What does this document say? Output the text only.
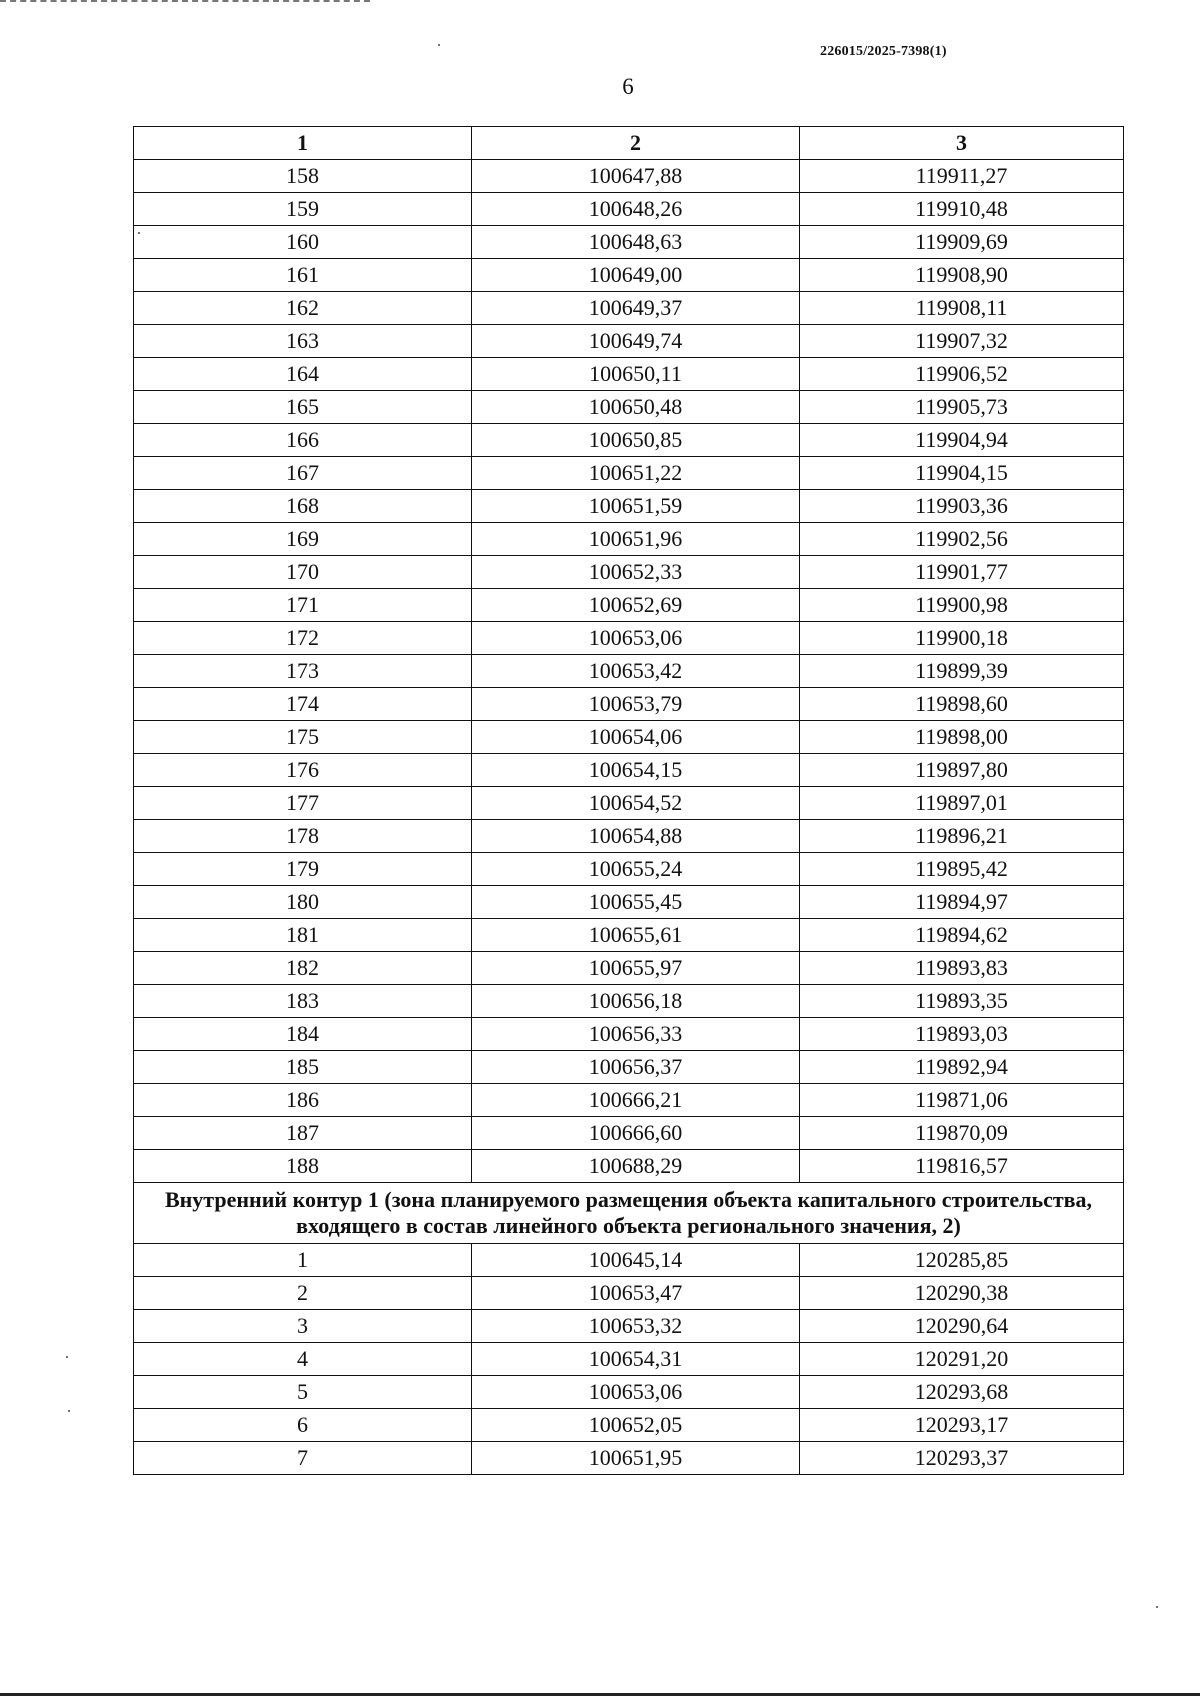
226015/2025-7398(1)
6
1	2	3
158	100647,88	119911,27
159	100648,26	119910,48
160	100648,63	119909,69
161	100649,00	119908,90
162	100649,37	119908,11
163	100649,74	119907,32
164	100650,11	119906,52
165	100650,48	119905,73
166	100650,85	119904,94
167	100651,22	119904,15
168	100651,59	119903,36
169	100651,96	119902,56
170	100652,33	119901,77
171	100652,69	119900,98
172	100653,06	119900,18
173	100653,42	119899,39
174	100653,79	119898,60
175	100654,06	119898,00
176	100654,15	119897,80
177	100654,52	119897,01
178	100654,88	119896,21
179	100655,24	119895,42
180	100655,45	119894,97
181	100655,61	119894,62
182	100655,97	119893,83
183	100656,18	119893,35
184	100656,33	119893,03
185	100656,37	119892,94
186	100666,21	119871,06
187	100666,60	119870,09
188	100688,29	119816,57
Внутренний контур 1 (зона планируемого размещения объекта капитального строительства, входящего в состав линейного объекта регионального значения, 2)		
1	100645,14	120285,85
2	100653,47	120290,38
3	100653,32	120290,64
4	100654,31	120291,20
5	100653,06	120293,68
6	100652,05	120293,17
7	100651,95	120293,37
